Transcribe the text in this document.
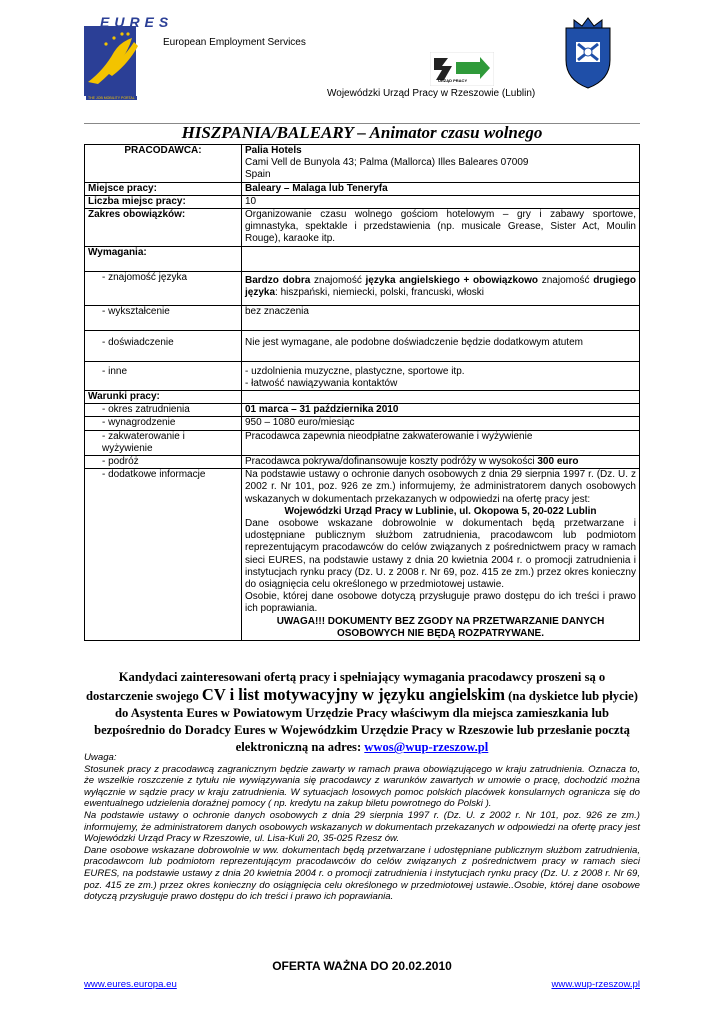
EURES
THE JOB MOBILITY PORTAL
European Employment Services
URZĄD PRACY
Wojewódzki Urząd Pracy w Rzeszowie (Lublin)
HISZPANIA/BALEARY – Animator czasu wolnego
PRACODAWCA:	Palia Hotels
Cami Vell de Bunyola 43; Palma (Mallorca) Illes Baleares 07009
Spain

Miejsce pracy:	Baleary – Malaga lub Teneryfa
Liczba miejsc pracy:	10
Zakres obowiązków:	Organizowanie czasu wolnego gościom hotelowym – gry i zabawy sportowe, gimnastyka, spektakle i przedstawienia (np. musicale Grease, Sister Act, Moulin Rouge), karaoke itp.
Wymagania:	
- znajomość języka	Bardzo dobra znajomość języka angielskiego + obowiązkowo znajomość drugiego języka: hiszpański, niemiecki, polski, francuski, włoski
- wykształcenie	bez znaczenia
- doświadczenie	Nie jest wymagane, ale podobne doświadczenie będzie dodatkowym atutem
- inne	- uzdolnienia muzyczne, plastyczne, sportowe itp.
- łatwość nawiązywania kontaktów

Warunki pracy:	
- okres zatrudnienia	01 marca – 31 października 2010
- wynagrodzenie	950 – 1080 euro/miesiąc
- zakwaterowanie i wyżywienie	Pracodawca zapewnia nieodpłatne zakwaterowanie i wyżywienie
- podróż	Pracodawca pokrywa/dofinansowuje koszty podróży w wysokości 300 euro
- dodatkowe informacje	Na podstawie ustawy o ochronie danych osobowych z dnia 29 sierpnia 1997 r. (Dz. U. z 2002 r. Nr 101, poz. 926 ze zm.) informujemy, że administratorem danych osobowych wskazanych w dokumentach przekazanych w odpowiedzi na ofertę pracy jest:
Wojewódzki Urząd Pracy w Lublinie, ul. Okopowa 5, 20-022 Lublin
Dane osobowe wskazane dobrowolnie w dokumentach będą przetwarzane i udostępniane publicznym służbom zatrudnienia, pracodawcom lub podmiotom reprezentującym pracodawców do celów związanych z pośrednictwem pracy w ramach sieci EURES, na podstawie ustawy z dnia 20 kwietnia 2004 r. o promocji zatrudnienia i instytucjach rynku pracy (Dz. U. z 2008 r. Nr 69, poz. 415 ze zm.) przez okres konieczny do osiągnięcia celu określonego w przedmiotowej ustawie.
Osobie, której dane osobowe dotyczą przysługuje prawo dostępu do ich treści i prawo ich poprawiania.
UWAGA!!! DOKUMENTY BEZ ZGODY NA PRZETWARZANIE DANYCH OSOBOWYCH NIE BĘDĄ ROZPATRYWANE.
Kandydaci zainteresowani ofertą pracy i spełniający wymagania pracodawcy proszeni są o dostarczenie swojego CV i list motywacyjny w języku angielskim (na dyskietce lub płycie) do Asystenta Eures w Powiatowym Urzędzie Pracy właściwym dla miejsca zamieszkania lub bezpośrednio do Doradcy Eures w Wojewódzkim Urzędzie Pracy w Rzeszowie lub przesłanie pocztą elektroniczną na adres: wwos@wup-rzeszow.pl

Uwaga:

Stosunek pracy z pracodawcą zagranicznym będzie zawarty w ramach prawa obowiązującego w kraju zatrudnienia. Oznacza to, że wszelkie roszczenie z tytułu nie wywiązywania się pracodawcy z warunków zawartych w umowie o pracę, dochodzić można wyłącznie w sądzie pracy w kraju zatrudnienia. W sytuacjach losowych pomoc polskich placówek konsularnych ogranicza się do ewentualnego udzielenia doraźnej pomocy ( np. kredytu na zakup biletu powrotnego do Polski ).

Na podstawie ustawy o ochronie danych osobowych z dnia 29 sierpnia 1997 r. (Dz. U. z 2002 r. Nr 101, poz. 926 ze zm.) informujemy, że administratorem danych osobowych wskazanych w dokumentach przekazanych w odpowiedzi na ofertę pracy jest Wojewódzki Urząd Pracy w Rzeszowie, ul. Lisa-Kuli 20, 35-025 Rzesz ów.

Dane osobowe wskazane dobrowolnie w ww. dokumentach będą przetwarzane i udostępniane publicznym służbom zatrudnienia, pracodawcom lub podmiotom reprezentującym pracodawców do celów związanych z pośrednictwem pracy w ramach sieci EURES, na podstawie ustawy z dnia 20 kwietnia 2004 r. o promocji zatrudnienia i instytucjach rynku pracy (Dz. U. z 2008 r. Nr 69, poz. 415 ze zm.) przez okres konieczny do osiągnięcia celu określonego w przedmiotowej ustawie..Osobie, której dane osobowe dotyczą przysługuje prawo dostępu do ich treści i prawo ich poprawiania.

OFERTA WAŻNA DO 20.02.2010
www.eures.europa.eu	www.wup-rzeszow.pl
